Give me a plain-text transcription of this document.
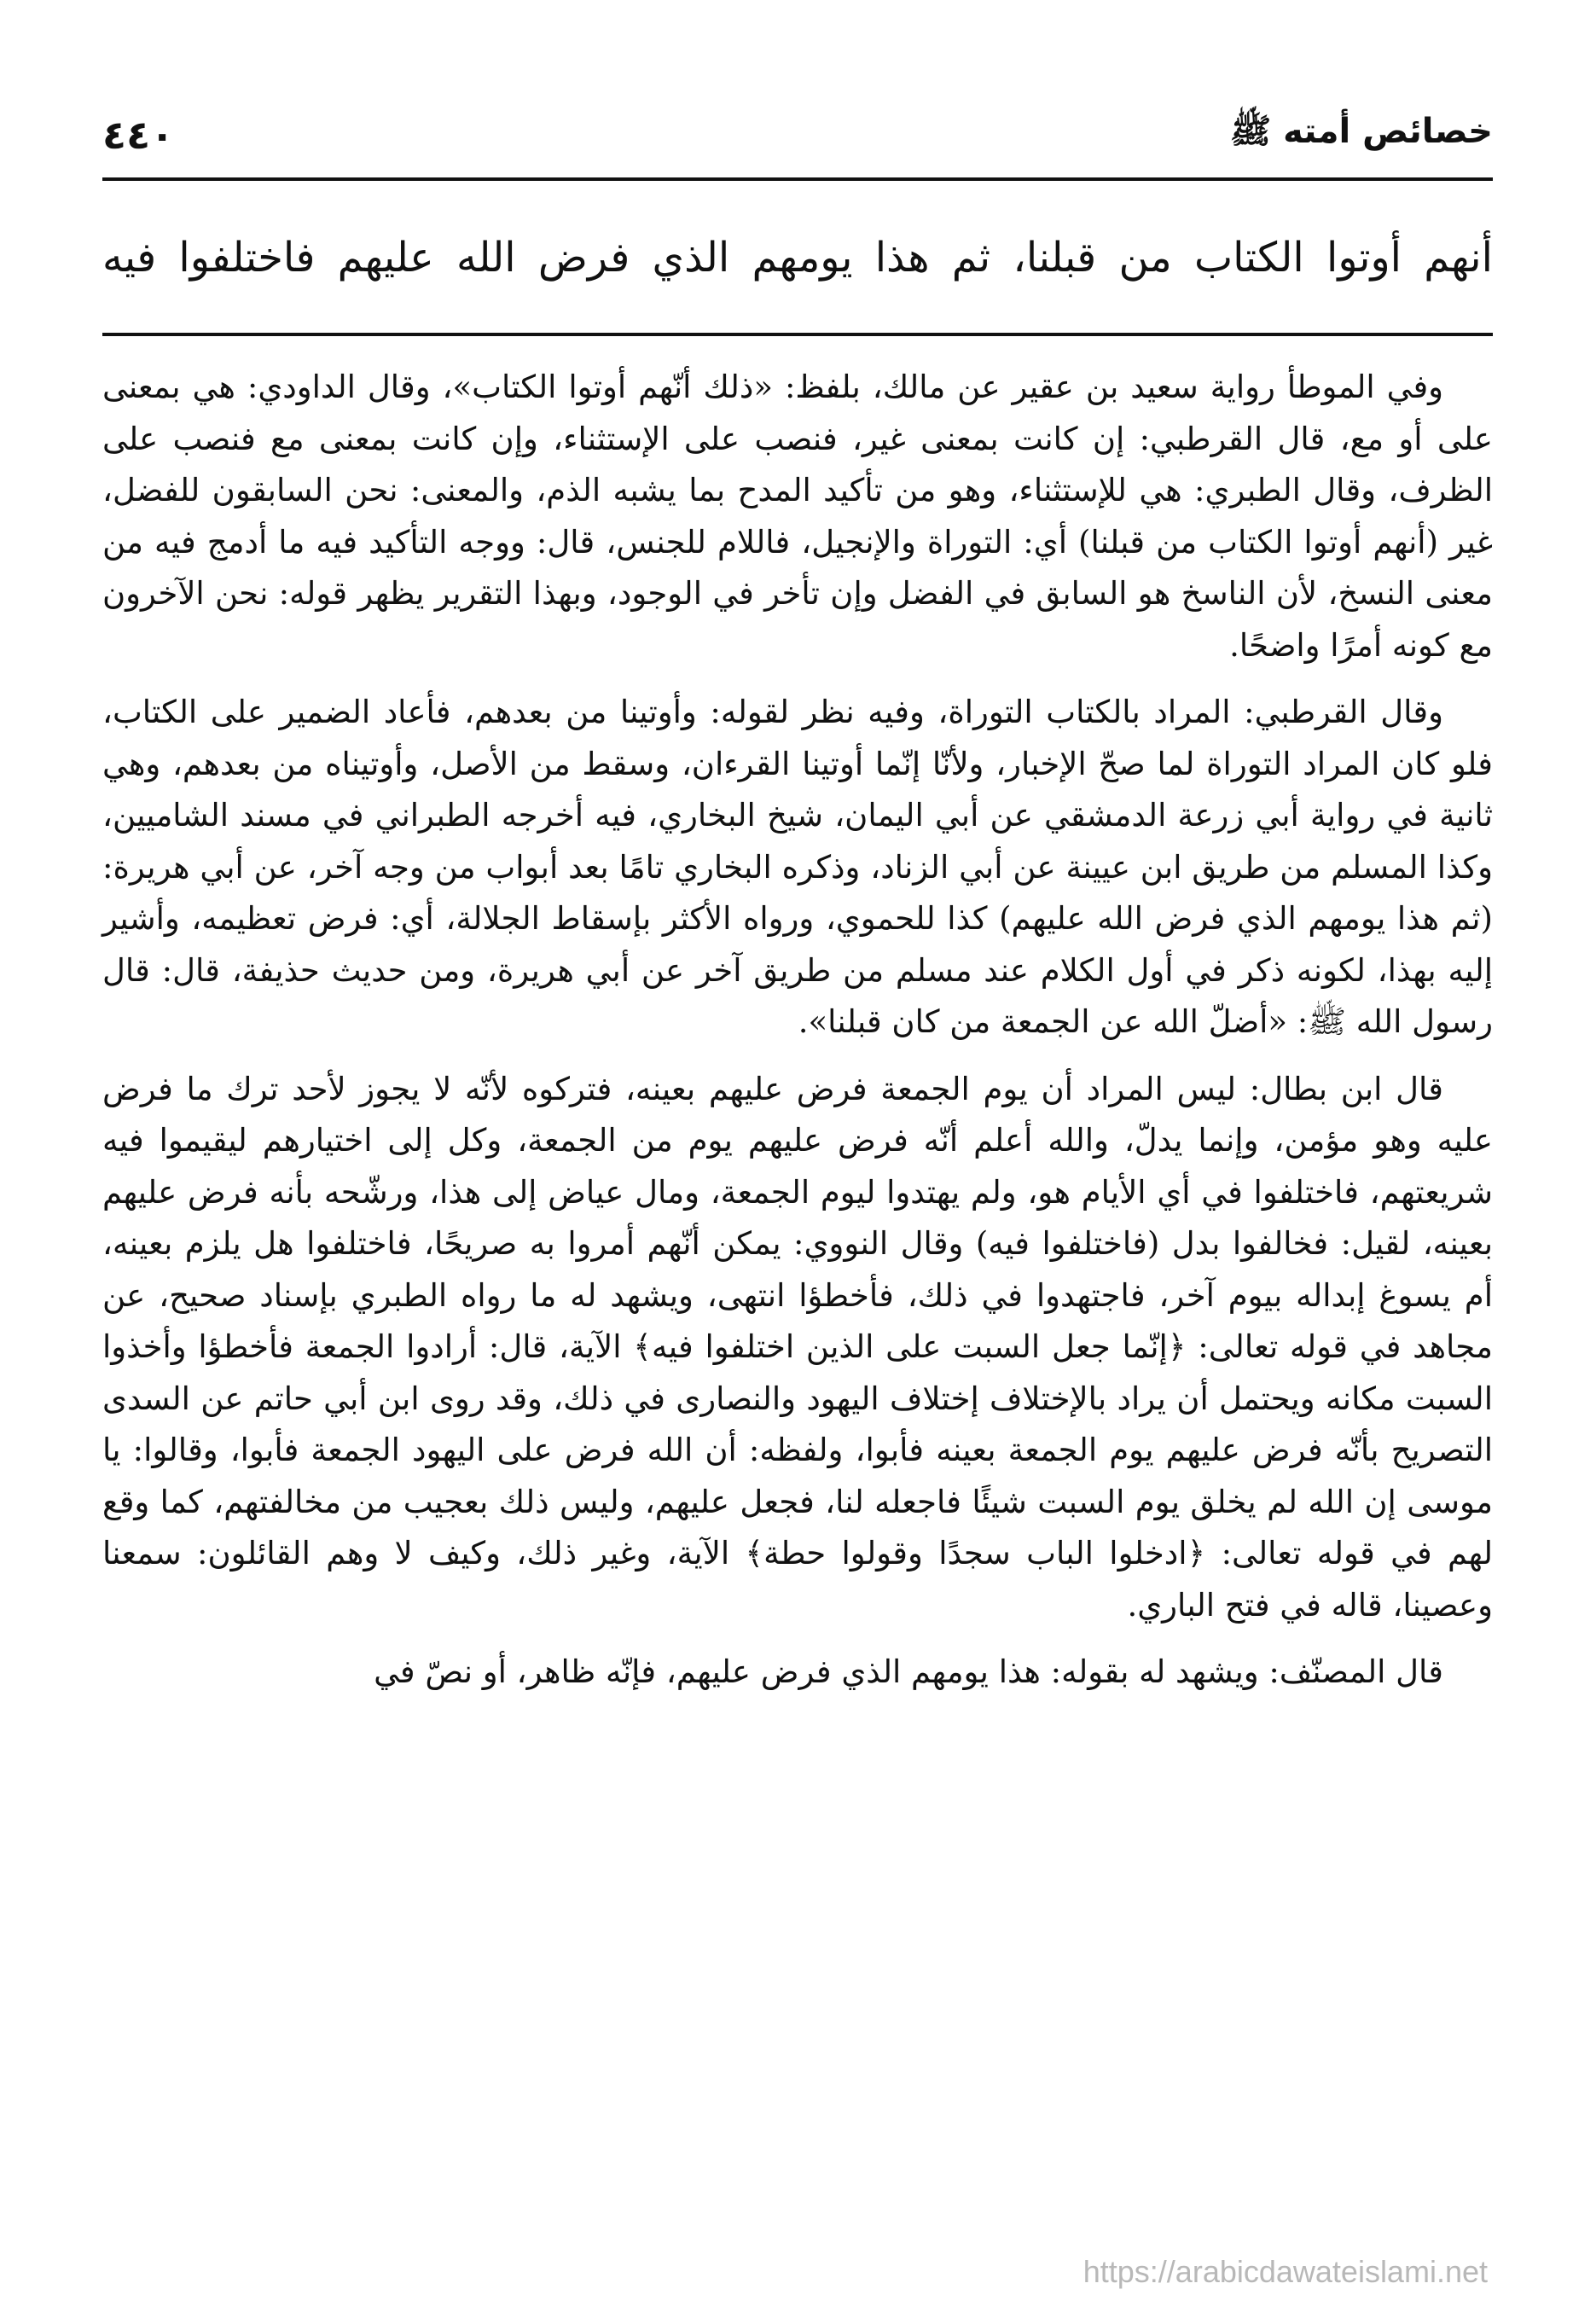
خصائص أمته ﷺ
٤٤٠
أنهم أوتوا الكتاب من قبلنا، ثم هذا يومهم الذي فرض الله عليهم فاختلفوا فيه

وفي الموطأ رواية سعيد بن عقير عن مالك، بلفظ: «ذلك أنّهم أوتوا الكتاب»، وقال الداودي: هي بمعنى على أو مع، قال القرطبي: إن كانت بمعنى غير، فنصب على الإستثناء، وإن كانت بمعنى مع فنصب على الظرف، وقال الطبري: هي للإستثناء، وهو من تأكيد المدح بما يشبه الذم، والمعنى: نحن السابقون للفضل، غير (أنهم أوتوا الكتاب من قبلنا) أي: التوراة والإنجيل، فاللام للجنس، قال: ووجه التأكيد فيه ما أدمج فيه من معنى النسخ، لأن الناسخ هو السابق في الفضل وإن تأخر في الوجود، وبهذا التقرير يظهر قوله: نحن الآخرون مع كونه أمرًا واضحًا.

وقال القرطبي: المراد بالكتاب التوراة، وفيه نظر لقوله: وأوتينا من بعدهم، فأعاد الضمير على الكتاب، فلو كان المراد التوراة لما صحّ الإخبار، ولأنّا إنّما أوتينا القرءان، وسقط من الأصل، وأوتيناه من بعدهم، وهي ثانية في رواية أبي زرعة الدمشقي عن أبي اليمان، شيخ البخاري، فيه أخرجه الطبراني في مسند الشاميين، وكذا المسلم من طريق ابن عيينة عن أبي الزناد، وذكره البخاري تامًا بعد أبواب من وجه آخر، عن أبي هريرة: (ثم هذا يومهم الذي فرض الله عليهم) كذا للحموي، ورواه الأكثر بإسقاط الجلالة، أي: فرض تعظيمه، وأشير إليه بهذا، لكونه ذكر في أول الكلام عند مسلم من طريق آخر عن أبي هريرة، ومن حديث حذيفة، قال: قال رسول الله ﷺ: «أضلّ الله عن الجمعة من كان قبلنا».

قال ابن بطال: ليس المراد أن يوم الجمعة فرض عليهم بعينه، فتركوه لأنّه لا يجوز لأحد ترك ما فرض عليه وهو مؤمن، وإنما يدلّ، والله أعلم أنّه فرض عليهم يوم من الجمعة، وكل إلى اختيارهم ليقيموا فيه شريعتهم، فاختلفوا في أي الأيام هو، ولم يهتدوا ليوم الجمعة، ومال عياض إلى هذا، ورشّحه بأنه فرض عليهم بعينه، لقيل: فخالفوا بدل (فاختلفوا فيه) وقال النووي: يمكن أنّهم أمروا به صريحًا، فاختلفوا هل يلزم بعينه، أم يسوغ إبداله بيوم آخر، فاجتهدوا في ذلك، فأخطؤا انتهى، ويشهد له ما رواه الطبري بإسناد صحيح، عن مجاهد في قوله تعالى: ﴿إنّما جعل السبت على الذين اختلفوا فيه﴾ الآية، قال: أرادوا الجمعة فأخطؤا وأخذوا السبت مكانه ويحتمل أن يراد بالإختلاف إختلاف اليهود والنصارى في ذلك، وقد روى ابن أبي حاتم عن السدى التصريح بأنّه فرض عليهم يوم الجمعة بعينه فأبوا، ولفظه: أن الله فرض على اليهود الجمعة فأبوا، وقالوا: يا موسى إن الله لم يخلق يوم السبت شيئًا فاجعله لنا، فجعل عليهم، وليس ذلك بعجيب من مخالفتهم، كما وقع لهم في قوله تعالى: ﴿ادخلوا الباب سجدًا وقولوا حطة﴾ الآية، وغير ذلك، وكيف لا وهم القائلون: سمعنا وعصينا، قاله في فتح الباري.

قال المصنّف: ويشهد له بقوله: هذا يومهم الذي فرض عليهم، فإنّه ظاهر، أو نصّ في

https://arabicdawateislami.net
